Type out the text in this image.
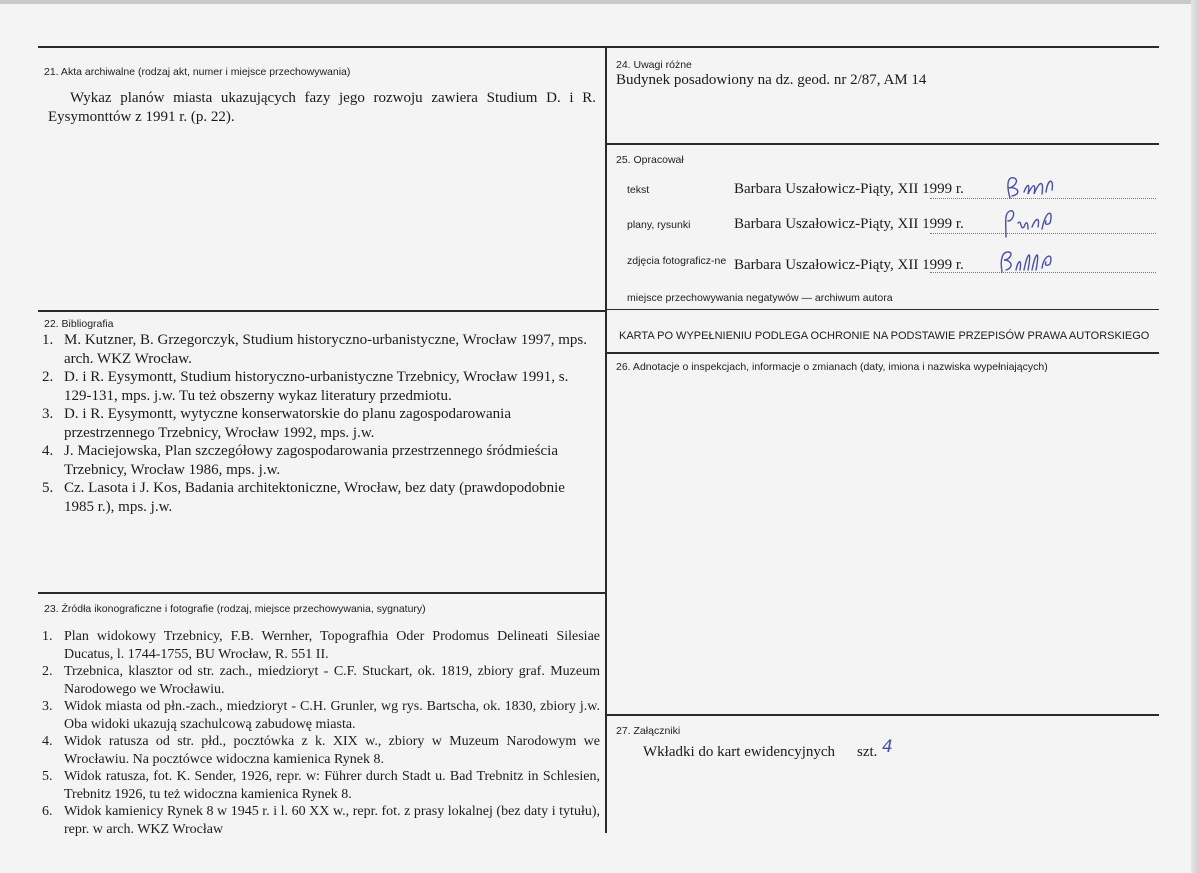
21. Akta archiwalne (rodzaj akt, numer i miejsce przechowywania)
Wykaz planów miasta ukazujących fazy jego rozwoju zawiera Studium D. i R. Eysymonttów z 1991 r. (p. 22).
22. Bibliografia
1. M. Kutzner, B. Grzegorczyk, Studium historyczno-urbanistyczne, Wrocław 1997, mps. arch. WKZ Wrocław.
2. D. i R. Eysymontt, Studium historyczno-urbanistyczne Trzebnicy, Wrocław 1991, s. 129-131, mps. j.w. Tu też obszerny wykaz literatury przedmiotu.
3. D. i R. Eysymontt, wytyczne konserwatorskie do planu zagospodarowania przestrzennego Trzebnicy, Wrocław 1992, mps. j.w.
4. J. Maciejowska, Plan szczegółowy zagospodarowania przestrzennego śródmieścia Trzebnicy, Wrocław 1986, mps. j.w.
5. Cz. Lasota i J. Kos, Badania architektoniczne, Wrocław, bez daty (prawdopodobnie 1985 r.), mps. j.w.
23. Źródła ikonograficzne i fotografie (rodzaj, miejsce przechowywania, sygnatury)
1. Plan widokowy Trzebnicy, F.B. Wernher, Topografhia Oder Prodomus Delineati Silesiae Ducatus, l. 1744-1755, BU Wrocław, R. 551 II.
2. Trzebnica, klasztor od str. zach., miedzioryt - C.F. Stuckart, ok. 1819, zbiory graf. Muzeum Narodowego we Wrocławiu.
3. Widok miasta od płn.-zach., miedzioryt - C.H. Grunler, wg rys. Bartscha, ok. 1830, zbiory j.w. Oba widoki ukazują szachulcową zabudowę miasta.
4. Widok ratusza od str. płd., pocztówka z k. XIX w., zbiory w Muzeum Narodowym we Wrocławiu. Na pocztówce widoczna kamienica Rynek 8.
5. Widok ratusza, fot. K. Sender, 1926, repr. w: Führer durch Stadt u. Bad Trebnitz in Schlesien, Trebnitz 1926, tu też widoczna kamienica Rynek 8.
6. Widok kamienicy Rynek 8 w 1945 r. i l. 60 XX w., repr. fot. z prasy lokalnej (bez daty i tytułu), repr. w arch. WKZ Wrocław
24. Uwagi różne
Budynek posadowiony na dz. geod. nr 2/87, AM 14
25. Opracował
tekst	Barbara Uszałowicz-Piąty, XII 1999 r.
plany, rysunki	Barbara Uszałowicz-Piąty, XII 1999 r.
zdjęcia fotograficz-ne Barbara Uszałowicz-Piąty, XII 1999 r.
miejsce przechowywania negatywów — archiwum autora
KARTA PO WYPEŁNIENIU PODLEGA OCHRONIE NA PODSTAWIE PRZEPISÓW PRAWA AUTORSKIEGO
26. Adnotacje o inspekcjach, informacje o zmianach (daty, imiona i nazwiska wypełniających)
27. Załączniki
Wkładki do kart ewidencyjnych szt. 4
